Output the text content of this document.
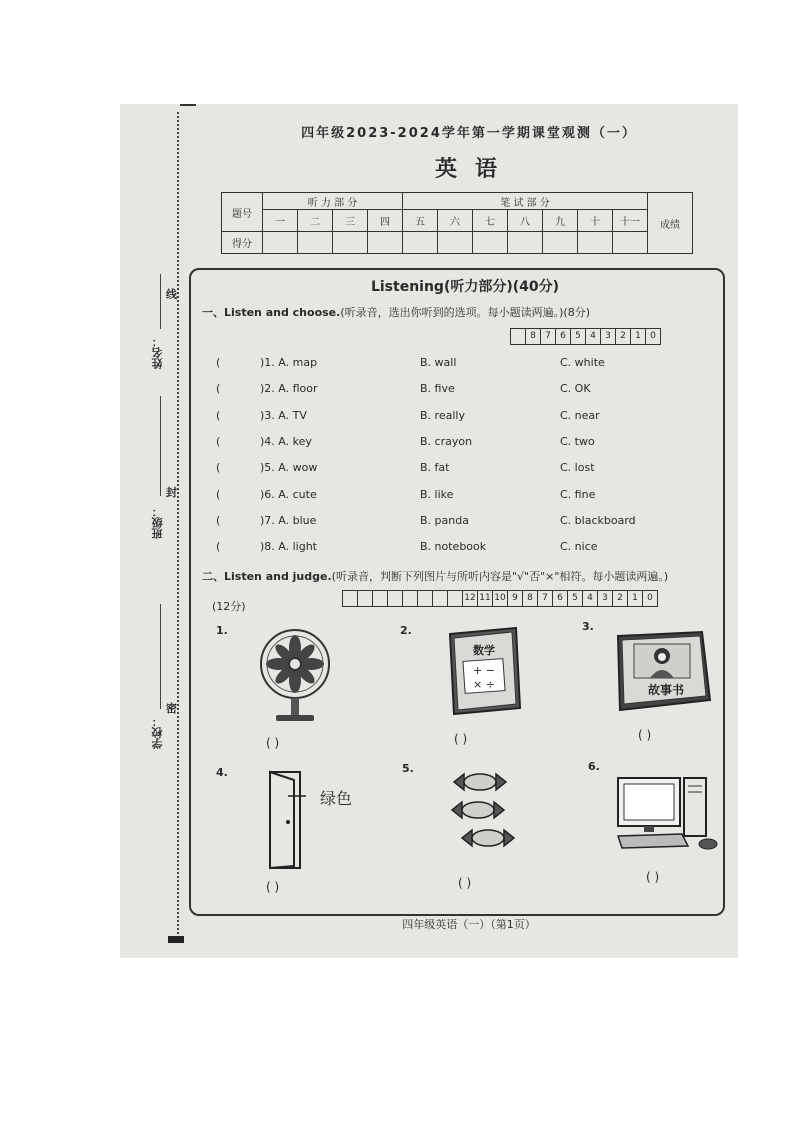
线
封
密
姓名：
班级：
学校：
四年级2023-2024学年第一学期课堂观测（一）
英语
题号	听 力 部 分				笔 试 部 分							成绩
	一	二	三	四	五	六	七	八	九	十	十一	
得分												
Listening(听力部分)(40分)
一、Listen and choose.(听录音，选出你听到的选项。每小题读两遍。)(8分)
8	7	6	5	4	3	2	1	0
(	)1. A. map	B. wall	C. white
(	)2. A. floor	B. five	C. OK
(	)3. A. TV	B. really	C. near
(	)4. A. key	B. crayon	C. two
(	)5. A. wow	B. fat	C. lost
(	)6. A. cute	B. like	C. fine
(	)7. A. blue	B. panda	C. blackboard
(	)8. A. light	B. notebook	C. nice
二、Listen and judge.(听录音，判断下列图片与所听内容是"√"否"×"相符。每小题读两遍。)
(12分)
12 11 10 9	8	7	6	5	4	3	2	1	0
1.
( )
2.
数学
+ −
× ÷
( )
3.
故事书
( )
4.
绿色
( )
5.
( )
6.
( )
四年级英语（一）（第1页）
